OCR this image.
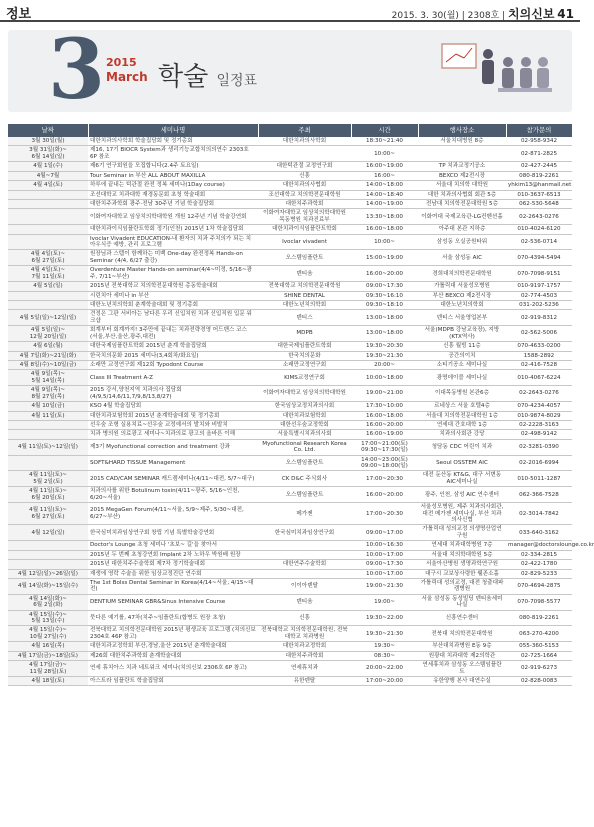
정보	2015. 3. 30(월) | 2308호 | 치의신보 41
3 2015
March 학술 일정표
날짜	세미나명	주최	시간	행사장소	참가문의
3월 30일(월)	대한치과의사학회 학술집담회 및 정기총회	대한치과의사학회	18:30~21:40	서울치대병원 8층	02-958-9342
3월 31일(화)~
6월 14일(일)	제16, 17기 BIOCR System과 생리기능교합치의의연수 2303호 6P 참조		10:00~		02-871-2825
4월 1일(수)	제6기 연구회원을 모집합니다(2.4주 토요일)	대한턱관절 교정연구회	16:00~19:00	TP 치과교정기공소	02-427-2445
4월~7월	Tour Seminar in 부산 ALL ABOUT MAXILLA	신흥	16:00~	BEXCO 제2전시장	080-819-2261
4월 4일(토)	하루에 끝내는 턱관절 완전 정복 세미나(1Day course)	대한치과의사협회	14:00~18:00	서울대 치의학 대학원	yhkim13@hanmail.net
	조선대학교 치과대학 재경동문회 초청 학술대회	조선대학교 치의학전문대학원	14:00~18:40	대한 치과의사협회 회관 5층	010-3637-6513
	대한치주과학회 광주·전남 30주년 기념 학술집담회	대한치주과학회	14:00~19:00	전남대 치의학전문대학원 5층	062-530-5648
	이화여자대학교 임상치의학대학원 개원 12주년 기념 학술강연회	이화여자대학교 임상치의학대학원 목동병원 치과진료부	13:30~18:00	이화여대 국제교육관-LG컨벤션홀	02-2643-0276
	대한치과이식임플란트학회 정기(인천) 2015년 1차 학술집담회	대한치과이식임플란트학회	16:00~18:00	아주대 본관 지하층	010-4024-6120
	Ivoclar Vivadent EDUCATION-내 환자의 치과 주치의가 되는 치아우식증 예방, 관리 프로그램	Ivoclar vivadent	10:00~	삼성동 오실공원타워	02-536-0714
4월 4일(토)~
6월 27일(토)	원장님과 스텝이 함께하는 미백 One-day 완전정복 Hands-on Seminar (4/4, 6/27 출강)	오스템임플란트	15:00~19:00	서울 삼성동 AIC	070-4394-5494
4월 4일(토)~
7월 11일(토)	Overdenture Master Hands-on seminar(4/4~미정, 5/16~광주, 7/11~부산)	덴티움	16:00~20:00	경희대치의학전문대학원	070-7098-9151
4월 5일(일)	2015년 전북대학교 치의학전문대학원 총동학술대회	전북대학교 치의학전문대학원	09:00~17:30	가톨릭대 서울성모병원	010-9197-1757
	시린치아 세미나 in 부산	SHINE DENTAL	09:30~16:10	부산 BEXCO 제2전시장	02-774-4503
	대한노년치의학회 춘계학술대회 및 정기총회	대한노년치의학회	09:30~18:10	대한노년치의학회	031-202-5236
4월 5일(일)~12일(일)	견정은 그판 서비아는 남다른 우리 신입치원 치과 신입직원 입문 워크샵	덴티스	13:00~18:00	덴티스 서울영업본부	02-919-8312
4월 5일(일)~
12월 20일(일)	회계부터 회계까지! 3주만에 끝내는 치과전략경영 어드밴스 코스 (서울,부산,울산,광주,대전)	MDPB	13:00~18:00	서울(MDPB 강남교육장), 지방(KTX역사)	02-562-5006
4월 6일(월)	대한국제임플란트학회 2015년 춘계 학술집담회	대한국제임플란트학회	19:30~20:30	신흥 월빙 11층	070-4633-0200
4월 7일(화)~21일(화)	한국치의문화 2015 세미나(3,4회차/화요일)	한국치의문화	19:30~21:30	공간의이치	1588-2892
4월 8일(수)~10일(금)	소래만 교정연구회 제12회 Typodont Course	소래만교정연구회	20:00~	소티기공소 세미나실	02-416-7528
4월 9일(목)~
5월 14일(목)	Class III Treatment A-Z	KIMS교정연구회	10:00~18:00	광명데이블 세미나실	010-4067-6224
4월 9일(목)~
8월 27일(목)	2015 강서,양천지역 치과의사 집담회(4/9,5/14,6/11,7/9,8/13,8/27)	이화여자대학교 임상치의학대학원	19:00~21:00	이대목동병원 본관6층	02-2643-0276
4월 10일(금)	KSO 4월 학술집담회	한국임상교정치과의사회	17:30~10:00	르네상스 서울 호텔4층	070-4234-4057
4월 11일(토)	대한치과보험학회 2015년 춘계학술대회 및 정기총회	대한치과보험학회	16:00~18:00	서울대 치의학전문대학원 1층	010-9874-8029
	선우숲 조형 실용치료~선우숲 교정예서의 발치와 비발치	대한선우숲교정학회	16:00~20:00	연세대 간호대학 1층	02-2228-3163
	치과 병의원 의료광고 세미나~치과의료 광고의 올바른 이해	서울특별시치과의사회	16:00~19:00	치과의사회관 강당	02-498-9142
4월 11일(토)~12일(일)	제3기 Myofunctional correction and treatment 강좌	Myofunctional Research Korea Co. Ltd.	17:00~21:00(토)
09:30~17:30(일)	청담동 CDC 어린이 치과	02-3281-0390
	SOFT&HARD TISSUE Management	오스템임플란트	14:00~23:00(토)
09:00~18:00(일)	Seoul OSSTEM AIC	02-2016-6994
4월 11일(토)~
5월 2일(토)	2015 CAD/CAM SEMINAR 캐드캠세미나(4/11~대전, 5/7~대구)	CK D&C 주식회사	17:00~20:30	대전 둔산동 KT&G, 대구 서변동 AIC세미나실	010-5011-1287
4월 11일(토)~
6월 20일(토)	치과의사를 위한 Botulinum toxin(4/11~광주, 5/16~인천, 6/20~서울)	오스템임플란트	16:00~20:00	광주, 인천, 삼성 AIC 연수센터	062-366-7528
4월 11일(토)~
6월 27일(토)	2015 MegaGen Forum(4/11~서울, 5/9~제주, 5/30~대전, 6/27~부산)	메가젠	17:00~20:30	서울성모병원, 제주 치과의사회관, 대전 메가젠 세미나실, 부산 치과의사신협	02-3014-7842
4월 12일(일)	한국심미치과임상연구회 창립 기념 특별학술강연회	한국심미치과임상연구회	09:00~17:00	가톨릭대 성의교정 의생명산업연구원	033-640-3162
	Doctor's Lounge 초청 세미나 '초보~ 길'을 찾아서		10:00~16:30	연세대 치과대학병원 7층	manager@doctorslounge.co.kr
	2015년 두 번째 초청강연회 Implant 2차 노하우 박원배 원장		10:00~17:00	서울대 치의학대학원 5층	02-334-2815
	2015년 대한치주수술학회 제7차 정기학술대회	대한연주수술학회	09:00~17:30	서울아산병원 생명과학연구원	02-422-1780
4월 12일(일)~26일(일)	재생에 영락 수술을 위한 임상교정진단 연수회		10:00~17:00	대구시 교보상사령한 웰존소홀	02-829-5233
4월 14일(화)~15일(수)	The 1st Bolss Dental Seminar in Korea(4/14~서울, 4/15~대전)	이이아덴탈	19:00~21:30	가톨릭대 성의교정, 대전 청출대파캠병원	070-4694-2875
4월 14일(화)~
6월 2일(화)	DENTIUM SEMINAR GBR&Sinus Intensive Course	덴티움	19:00~	서울 삼성동 동성빌딩 덴티움세미나실	070-7098-5577
4월 15일(수)~
5월 13일(수)	뭇다른 예기를, 47차(치주~임플란트(합병도 원장 초청)	신흥	19:30~22:00	신흥연수센터	080-819-2261
4월 15일(수)~
10월 27일(수)	전북대학교 치의학전문대학원 2015년 평생교육 프로그램 (치의신보 2304호 46P 참고)	전북대학교 치의학전문대학원, 전북대학교 치과병원	19:30~21:30	전북대 치의학전문대학원	063-270-4200
4월 16일(목)	대한치과교정학회 부산,경남,울산 2015년 춘계학술대회	대한치과교정학회	19:30~	부산대치과병원 E동 9층	055-360-5153
4월 17일(금)~18일(토)	제26회 대한치주과학회 춘계학술대회	대한치주과학회	08:30~	원광대 치과대학 제2의학관	02-725-1664
4월 17일(금)~
11월 28일(토)	연세 휴치아스 치과 네트워크 세미나(치의신보 2306호 6P 참고)	연세휴치과	20:00~22:00	연세휴치과 삼성동 오스템임플란트	02-919-6273
4월 18일(토)	아스트라 임플란트 학술집담회	유한덴탈	17:00~20:00	유한양행 본사 대연수실	02-828-0083
